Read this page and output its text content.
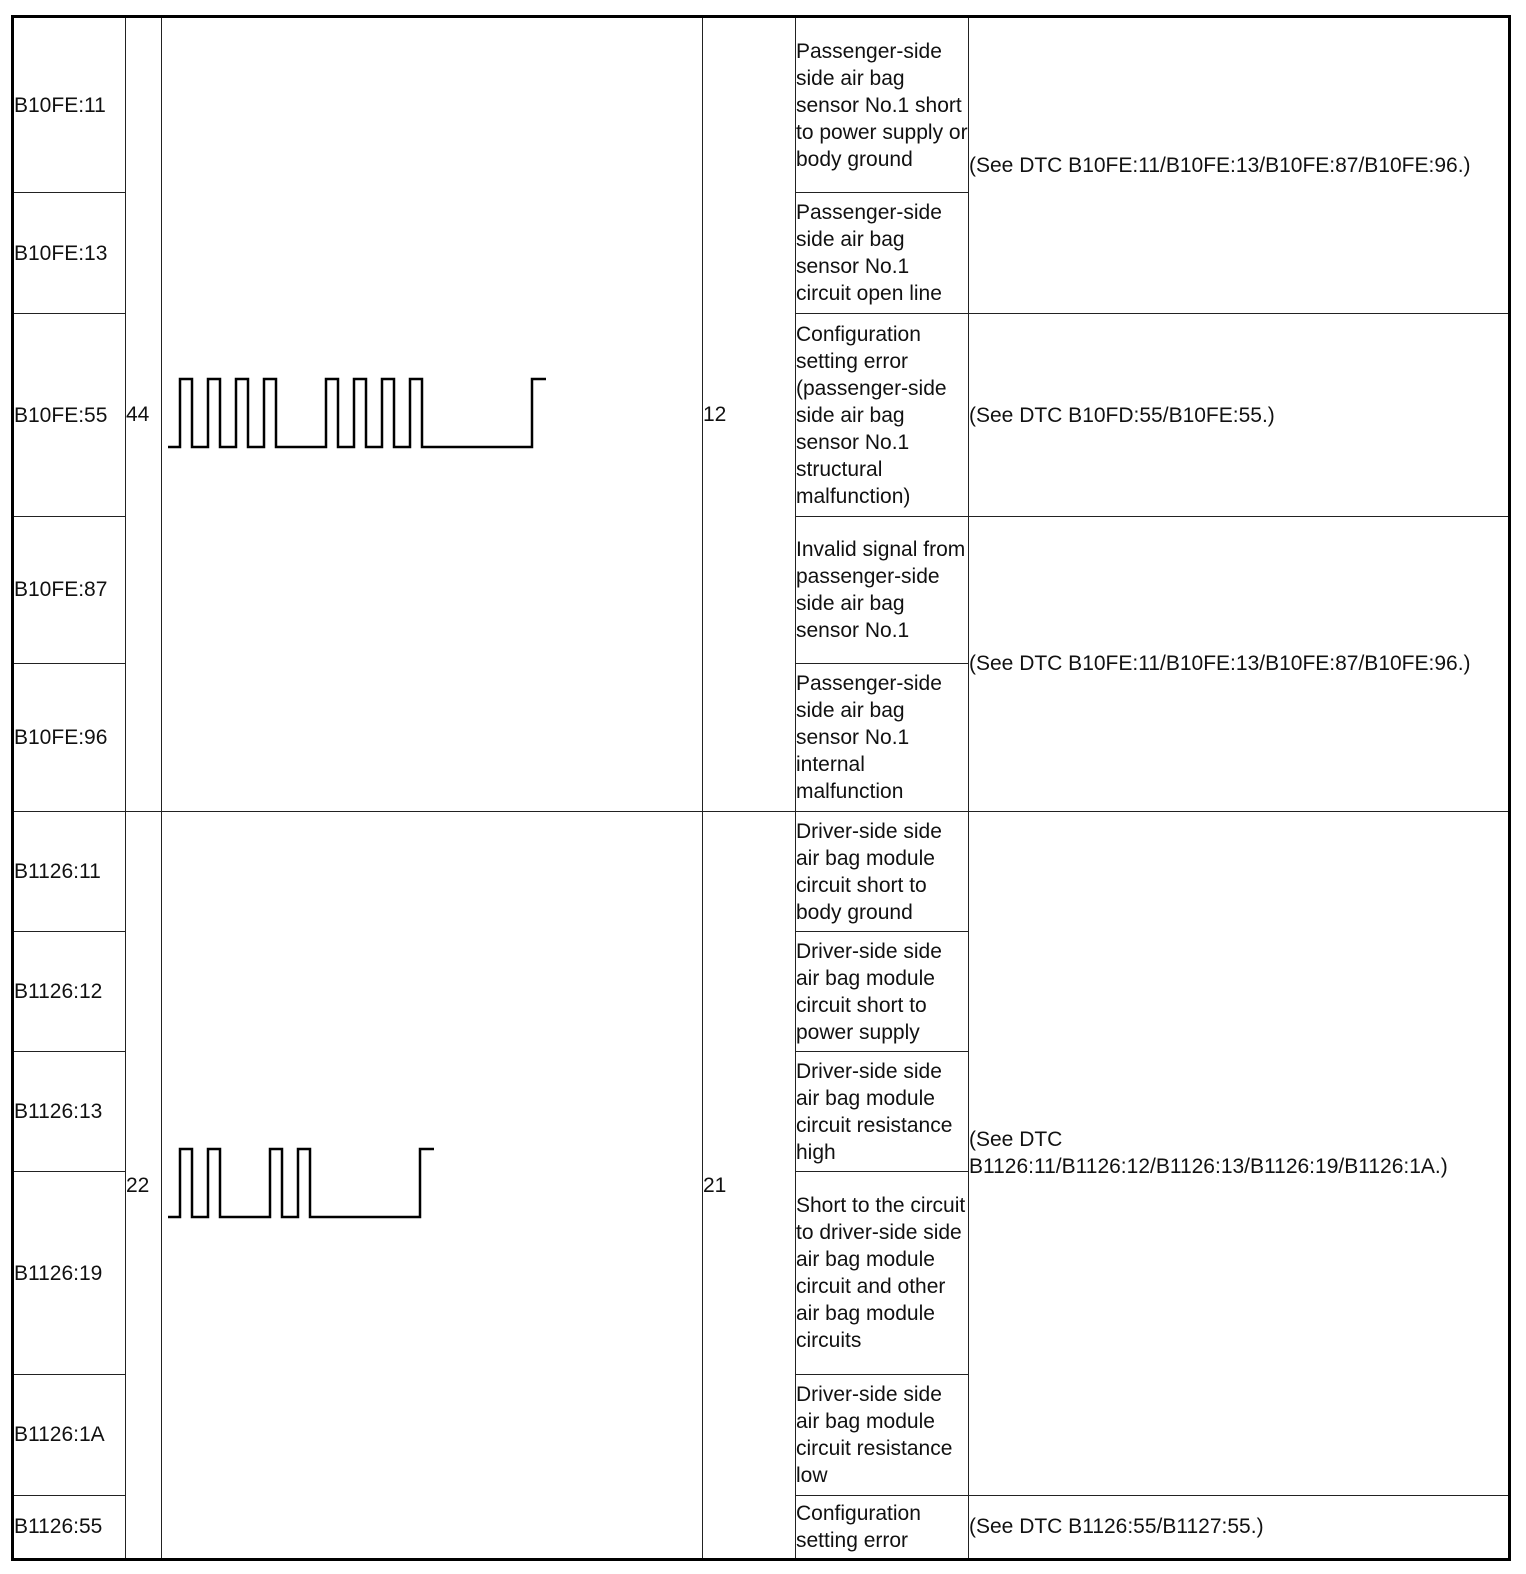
B10FE:11	44		12	Passenger-side side air bag sensor No.1 short to power supply or body ground	(See DTC B10FE:11/B10FE:13/B10FE:87/B10FE:96.)
B10FE:13				Passenger-side side air bag sensor No.1 circuit open line	
B10FE:55				Configuration setting error (passenger-side side air bag sensor No.1 structural malfunction)	(See DTC B10FD:55/B10FE:55.)
B10FE:87				Invalid signal from passenger-side side air bag sensor No.1	(See DTC B10FE:11/B10FE:13/B10FE:87/B10FE:96.)
B10FE:96				Passenger-side side air bag sensor No.1 internal malfunction	
B1126:11	22		21	Driver-side side air bag module circuit short to body ground	(See DTC B1126:11/B1126:12/B1126:13/B1126:19/B1126:1A.)
B1126:12				Driver-side side air bag module circuit short to power supply	
B1126:13				Driver-side side air bag module circuit resistance high	
B1126:19				Short to the circuit to driver-side side air bag module circuit and other air bag module circuits	
B1126:1A				Driver-side side air bag module circuit resistance low	
B1126:55				Configuration setting error	(See DTC B1126:55/B1127:55.)
